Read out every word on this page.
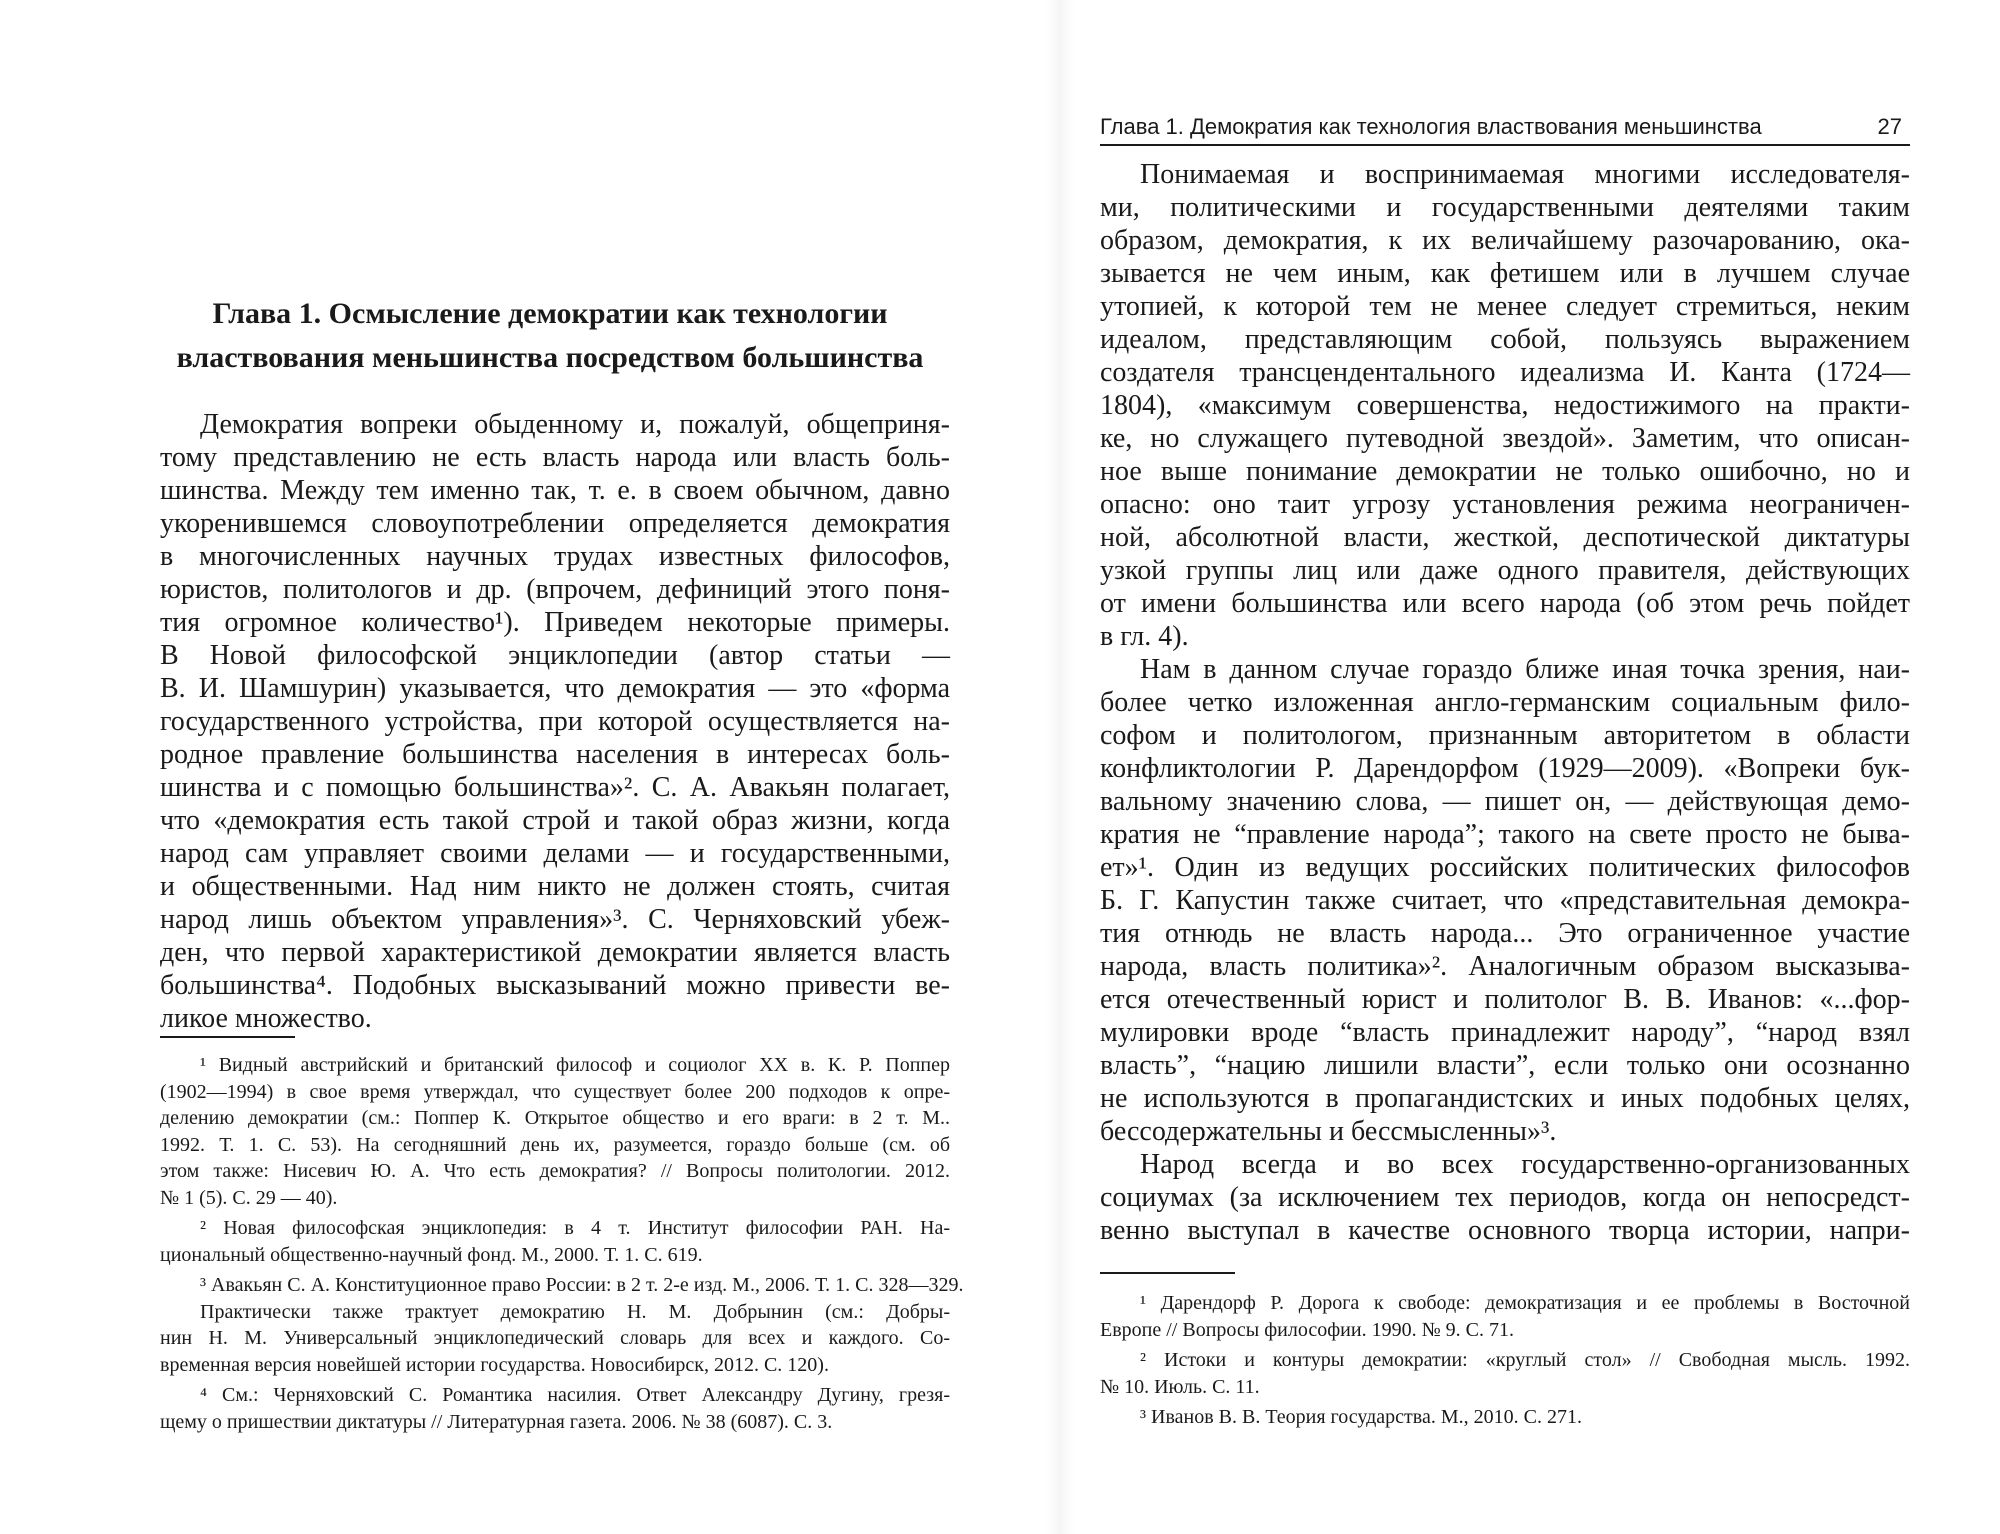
Глава 1. Осмысление демократии как технологии
властвования меньшинства посредством большинства
Демократия вопреки обыденному и, пожалуй, общеприня-
тому представлению не есть власть народа или власть боль-
шинства. Между тем именно так, т. е. в своем обычном, давно
укоренившемся словоупотреблении определяется демократия
в многочисленных научных трудах известных философов,
юристов, политологов и др. (впрочем, дефиниций этого поня-
тия огромное количество¹). Приведем некоторые примеры.
В Новой философской энциклопедии (автор статьи —
В. И. Шамшурин) указывается, что демократия — это «форма
государственного устройства, при которой осуществляется на-
родное правление большинства населения в интересах боль-
шинства и с помощью большинства»². С. А. Авакьян полагает,
что «демократия есть такой строй и такой образ жизни, когда
народ сам управляет своими делами — и государственными,
и общественными. Над ним никто не должен стоять, считая
народ лишь объектом управления»³. С. Черняховский убеж-
ден, что первой характеристикой демократии является власть
большинства⁴. Подобных высказываний можно привести ве-
ликое множество.
¹ Видный австрийский и британский философ и социолог XX в. К. Р. Поппер
(1902—1994) в свое время утверждал, что существует более 200 подходов к опре-
делению демократии (см.: Поппер К. Открытое общество и его враги: в 2 т. М..
1992. Т. 1. С. 53). На сегодняшний день их, разумеется, гораздо больше (см. об
этом также: Нисевич Ю. А. Что есть демократия? // Вопросы политологии. 2012.
№ 1 (5). С. 29 — 40).
² Новая философская энциклопедия: в 4 т. Институт философии РАН. На-
циональный общественно-научный фонд. М., 2000. Т. 1. С. 619.
³ Авакьян С. А. Конституционное право России: в 2 т. 2-е изд. М., 2006. Т. 1. С. 328—329.
Практически также трактует демократию Н. М. Добрынин (см.: Добры-
нин Н. М. Универсальный энциклопедический словарь для всех и каждого. Со-
временная версия новейшей истории государства. Новосибирск, 2012. С. 120).
⁴ См.: Черняховский С. Романтика насилия. Ответ Александру Дугину, грезя-
щему о пришествии диктатуры // Литературная газета. 2006. № 38 (6087). С. 3.
Глава 1. Демократия как технология властвования меньшинства	27
Понимаемая и воспринимаемая многими исследователя-
ми, политическими и государственными деятелями таким
образом, демократия, к их величайшему разочарованию, ока-
зывается не чем иным, как фетишем или в лучшем случае
утопией, к которой тем не менее следует стремиться, неким
идеалом, представляющим собой, пользуясь выражением
создателя трансцендентального идеализма И. Канта (1724—
1804), «максимум совершенства, недостижимого на практи-
ке, но служащего путеводной звездой». Заметим, что описан-
ное выше понимание демократии не только ошибочно, но и
опасно: оно таит угрозу установления режима неограничен-
ной, абсолютной власти, жесткой, деспотической диктатуры
узкой группы лиц или даже одного правителя, действующих
от имени большинства или всего народа (об этом речь пойдет
в гл. 4).
Нам в данном случае гораздо ближе иная точка зрения, наи-
более четко изложенная англо-германским социальным фило-
софом и политологом, признанным авторитетом в области
конфликтологии Р. Дарендорфом (1929—2009). «Вопреки бук-
вальному значению слова, — пишет он, — действующая демо-
кратия не “правление народа”; такого на свете просто не быва-
ет»¹. Один из ведущих российских политических философов
Б. Г. Капустин также считает, что «представительная демокра-
тия отнюдь не власть народа... Это ограниченное участие
народа, власть политика»². Аналогичным образом высказыва-
ется отечественный юрист и политолог В. В. Иванов: «...фор-
мулировки вроде “власть принадлежит народу”, “народ взял
власть”, “нацию лишили власти”, если только они осознанно
не используются в пропагандистских и иных подобных целях,
бессодержательны и бессмысленны»³.
Народ всегда и во всех государственно-организованных
социумах (за исключением тех периодов, когда он непосредст-
венно выступал в качестве основного творца истории, напри-
¹ Дарендорф Р. Дорога к свободе: демократизация и ее проблемы в Восточной
Европе // Вопросы философии. 1990. № 9. С. 71.
² Истоки и контуры демократии: «круглый стол» // Свободная мысль. 1992.
№ 10. Июль. С. 11.
³ Иванов В. В. Теория государства. М., 2010. С. 271.
